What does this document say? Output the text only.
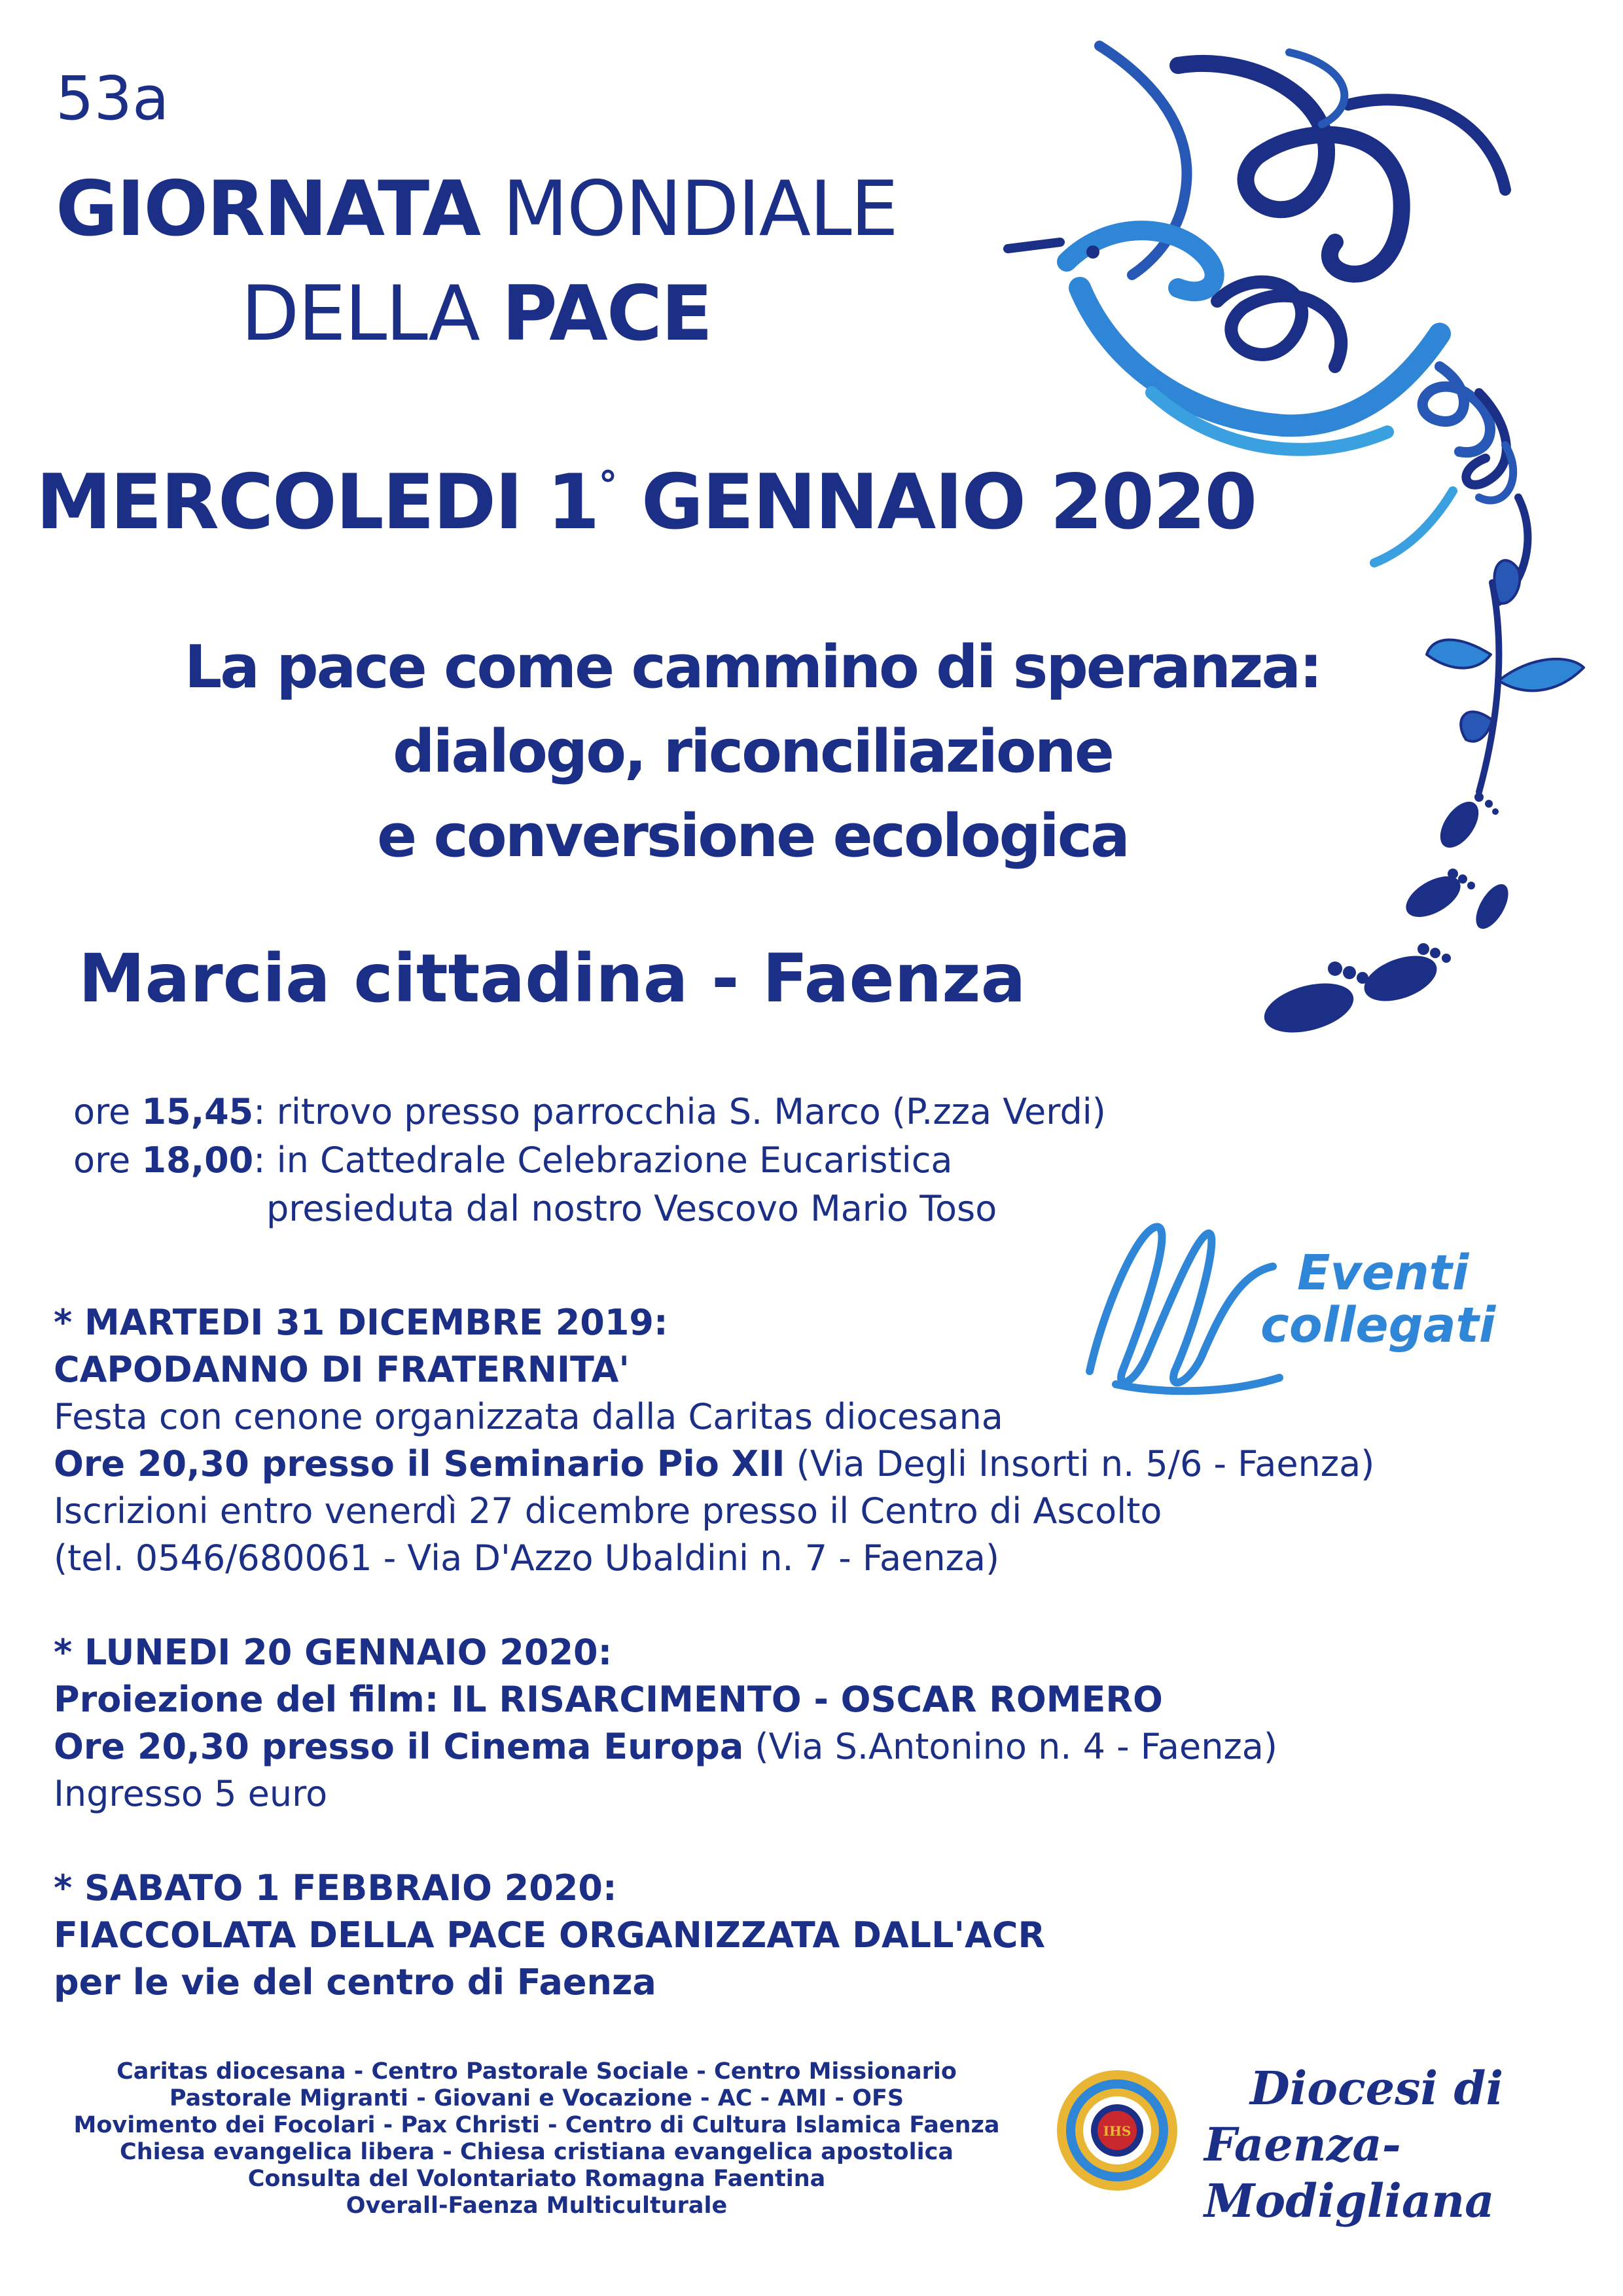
53a
GIORNATA MONDIALE
DELLA PACE
MERCOLEDI 1° GENNAIO 2020
La pace come cammino di speranza:
dialogo, riconciliazione
e conversione ecologica
Marcia cittadina - Faenza
ore 15,45: ritrovo presso parrocchia S. Marco (P.zza Verdi)
ore 18,00: in Cattedrale Celebrazione Eucaristica
presieduta dal nostro Vescovo Mario Toso
Eventi
collegati
* MARTEDI 31 DICEMBRE 2019:
CAPODANNO DI FRATERNITA'
Festa con cenone organizzata dalla Caritas diocesana
Ore 20,30 presso il Seminario Pio XII (Via Degli Insorti n. 5/6 - Faenza)
Iscrizioni entro venerdì 27 dicembre presso il Centro di Ascolto
(tel. 0546/680061 - Via D'Azzo Ubaldini n. 7 - Faenza)
* LUNEDI 20 GENNAIO 2020:
Proiezione del film: IL RISARCIMENTO - OSCAR ROMERO
Ore 20,30 presso il Cinema Europa (Via S.Antonino n. 4 - Faenza)
Ingresso 5 euro
* SABATO 1 FEBBRAIO 2020:
FIACCOLATA DELLA PACE ORGANIZZATA DALL'ACR
per le vie del centro di Faenza
Caritas diocesana - Centro Pastorale Sociale - Centro Missionario
Pastorale Migranti - Giovani e Vocazione - AC - AMI - OFS
Movimento dei Focolari - Pax Christi - Centro di Cultura Islamica Faenza
Chiesa evangelica libera - Chiesa cristiana evangelica apostolica
Consulta del Volontariato Romagna Faentina
Overall-Faenza Multiculturale
IHS
Diocesi di
Faenza-Modigliana
